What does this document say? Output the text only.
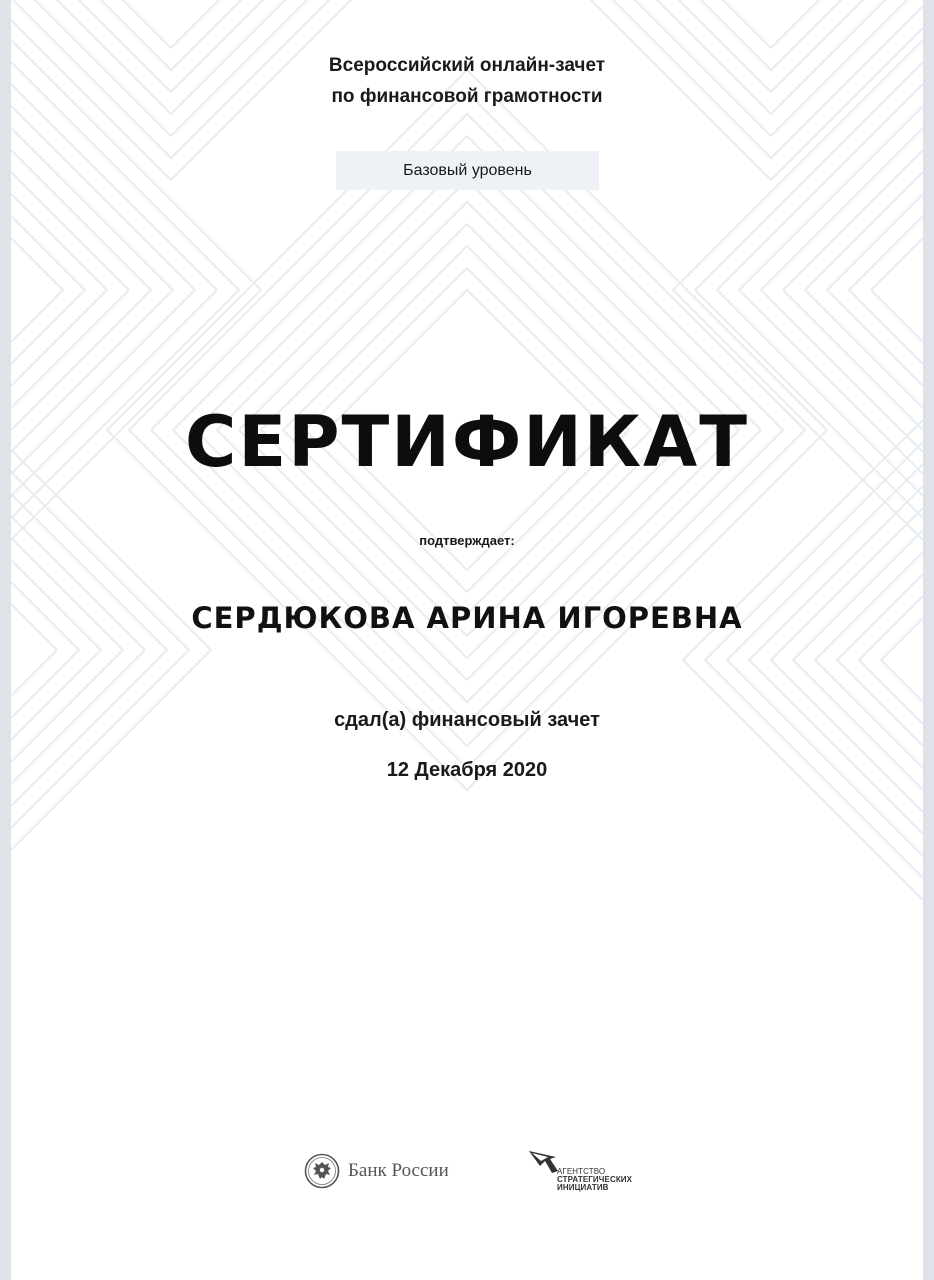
Всероссийский онлайн-зачет
по финансовой грамотности
Базовый уровень
СЕРТИФИКАТ
подтверждает:
СЕРДЮКОВА АРИНА ИГОРЕВНА
сдал(а) финансовый зачет
12 Декабря 2020
Банк России	АГЕНТСТВО
СТРАТЕГИЧЕСКИХ
ИНИЦИАТИВ
